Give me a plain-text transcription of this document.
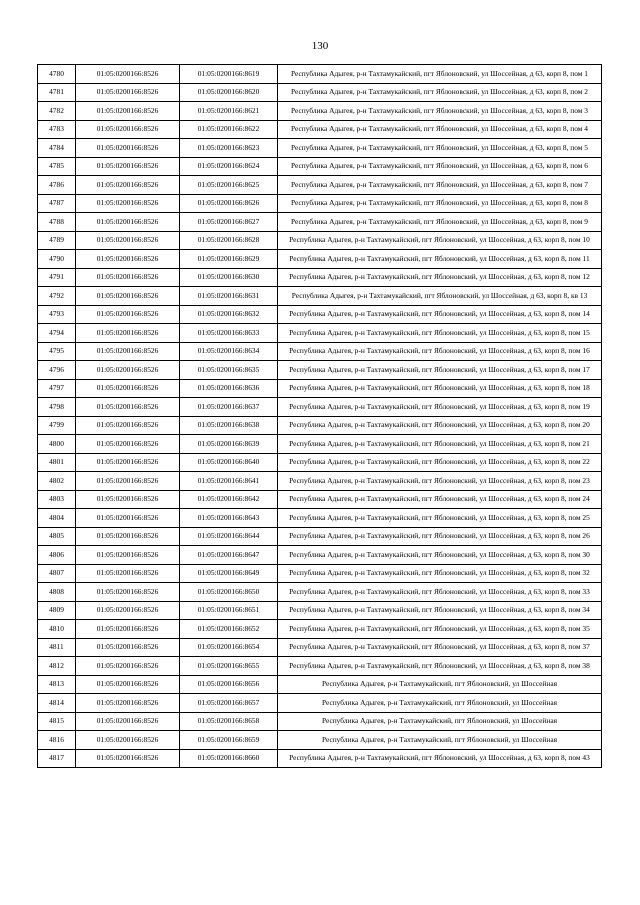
130
4780	01:05:0200166:8526	01:05:0200166:8619	Республика Адыгея, р-н Тахтамукайский, пгт Яблоновский, ул Шоссейная, д 63, корп 8, пом 1
4781	01:05:0200166:8526	01:05:0200166:8620	Республика Адыгея, р-н Тахтамукайский, пгт Яблоновский, ул Шоссейная, д 63, корп 8, пом 2
4782	01:05:0200166:8526	01:05:0200166:8621	Республика Адыгея, р-н Тахтамукайский, пгт Яблоновский, ул Шоссейная, д 63, корп 8, пом 3
4783	01:05:0200166:8526	01:05:0200166:8622	Республика Адыгея, р-н Тахтамукайский, пгт Яблоновский, ул Шоссейная, д 63, корп 8, пом 4
4784	01:05:0200166:8526	01:05:0200166:8623	Республика Адыгея, р-н Тахтамукайский, пгт Яблоновский, ул Шоссейная, д 63, корп 8, пом 5
4785	01:05:0200166:8526	01:05:0200166:8624	Республика Адыгея, р-н Тахтамукайский, пгт Яблоновский, ул Шоссейная, д 63, корп 8, пом 6
4786	01:05:0200166:8526	01:05:0200166:8625	Республика Адыгея, р-н Тахтамукайский, пгт Яблоновский, ул Шоссейная, д 63, корп 8, пом 7
4787	01:05:0200166:8526	01:05:0200166:8626	Республика Адыгея, р-н Тахтамукайский, пгт Яблоновский, ул Шоссейная, д 63, корп 8, пом 8
4788	01:05:0200166:8526	01:05:0200166:8627	Республика Адыгея, р-н Тахтамукайский, пгт Яблоновский, ул Шоссейная, д 63, корп 8, пом 9
4789	01:05:0200166:8526	01:05:0200166:8628	Республика Адыгея, р-н Тахтамукайский, пгт Яблоновский, ул Шоссейная, д 63, корп 8, пом 10
4790	01:05:0200166:8526	01:05:0200166:8629	Республика Адыгея, р-н Тахтамукайский, пгт Яблоновский, ул Шоссейная, д 63, корп 8, пом 11
4791	01:05:0200166:8526	01:05:0200166:8630	Республика Адыгея, р-н Тахтамукайский, пгт Яблоновский, ул Шоссейная, д 63, корп 8, пом 12
4792	01:05:0200166:8526	01:05:0200166:8631	Республика Адыгея, р-н Тахтамукайский, пгт Яблоновский, ул Шоссейная, д 63, корп 8, кв 13
4793	01:05:0200166:8526	01:05:0200166:8632	Республика Адыгея, р-н Тахтамукайский, пгт Яблоновский, ул Шоссейная, д 63, корп 8, пом 14
4794	01:05:0200166:8526	01:05:0200166:8633	Республика Адыгея, р-н Тахтамукайский, пгт Яблоновский, ул Шоссейная, д 63, корп 8, пом 15
4795	01:05:0200166:8526	01:05:0200166:8634	Республика Адыгея, р-н Тахтамукайский, пгт Яблоновский, ул Шоссейная, д 63, корп 8, пом 16
4796	01:05:0200166:8526	01:05:0200166:8635	Республика Адыгея, р-н Тахтамукайский, пгт Яблоновский, ул Шоссейная, д 63, корп 8, пом 17
4797	01:05:0200166:8526	01:05:0200166:8636	Республика Адыгея, р-н Тахтамукайский, пгт Яблоновский, ул Шоссейная, д 63, корп 8, пом 18
4798	01:05:0200166:8526	01:05:0200166:8637	Республика Адыгея, р-н Тахтамукайский, пгт Яблоновский, ул Шоссейная, д 63, корп 8, пом 19
4799	01:05:0200166:8526	01:05:0200166:8638	Республика Адыгея, р-н Тахтамукайский, пгт Яблоновский, ул Шоссейная, д 63, корп 8, пом 20
4800	01:05:0200166:8526	01:05:0200166:8639	Республика Адыгея, р-н Тахтамукайский, пгт Яблоновский, ул Шоссейная, д 63, корп 8, пом 21
4801	01:05:0200166:8526	01:05:0200166:8640	Республика Адыгея, р-н Тахтамукайский, пгт Яблоновский, ул Шоссейная, д 63, корп 8, пом 22
4802	01:05:0200166:8526	01:05:0200166:8641	Республика Адыгея, р-н Тахтамукайский, пгт Яблоновский, ул Шоссейная, д 63, корп 8, пом 23
4803	01:05:0200166:8526	01:05:0200166:8642	Республика Адыгея, р-н Тахтамукайский, пгт Яблоновский, ул Шоссейная, д 63, корп 8, пом 24
4804	01:05:0200166:8526	01:05:0200166:8643	Республика Адыгея, р-н Тахтамукайский, пгт Яблоновский, ул Шоссейная, д 63, корп 8, пом 25
4805	01:05:0200166:8526	01:05:0200166:8644	Республика Адыгея, р-н Тахтамукайский, пгт Яблоновский, ул Шоссейная, д 63, корп 8, пом 26
4806	01:05:0200166:8526	01:05:0200166:8647	Республика Адыгея, р-н Тахтамукайский, пгт Яблоновский, ул Шоссейная, д 63, корп 8, пом 30
4807	01:05:0200166:8526	01:05:0200166:8649	Республика Адыгея, р-н Тахтамукайский, пгт Яблоновский, ул Шоссейная, д 63, корп 8, пом 32
4808	01:05:0200166:8526	01:05:0200166:8650	Республика Адыгея, р-н Тахтамукайский, пгт Яблоновский, ул Шоссейная, д 63, корп 8, пом 33
4809	01:05:0200166:8526	01:05:0200166:8651	Республика Адыгея, р-н Тахтамукайский, пгт Яблоновский, ул Шоссейная, д 63, корп 8, пом 34
4810	01:05:0200166:8526	01:05:0200166:8652	Республика Адыгея, р-н Тахтамукайский, пгт Яблоновский, ул Шоссейная, д 63, корп 8, пом 35
4811	01:05:0200166:8526	01:05:0200166:8654	Республика Адыгея, р-н Тахтамукайский, пгт Яблоновский, ул Шоссейная, д 63, корп 8, пом 37
4812	01:05:0200166:8526	01:05:0200166:8655	Республика Адыгея, р-н Тахтамукайский, пгт Яблоновский, ул Шоссейная, д 63, корп 8, пом 38
4813	01:05:0200166:8526	01:05:0200166:8656	Республика Адыгея, р-н Тахтамукайский, пгт Яблоновский, ул Шоссейная
4814	01:05:0200166:8526	01:05:0200166:8657	Республика Адыгея, р-н Тахтамукайский, пгт Яблоновский, ул Шоссейная
4815	01:05:0200166:8526	01:05:0200166:8658	Республика Адыгея, р-н Тахтамукайский, пгт Яблоновский, ул Шоссейная
4816	01:05:0200166:8526	01:05:0200166:8659	Республика Адыгея, р-н Тахтамукайский, пгт Яблоновский, ул Шоссейная
4817	01:05:0200166:8526	01:05:0200166:8660	Республика Адыгея, р-н Тахтамукайский, пгт Яблоновский, ул Шоссейная, д 63, корп 8, пом 43
